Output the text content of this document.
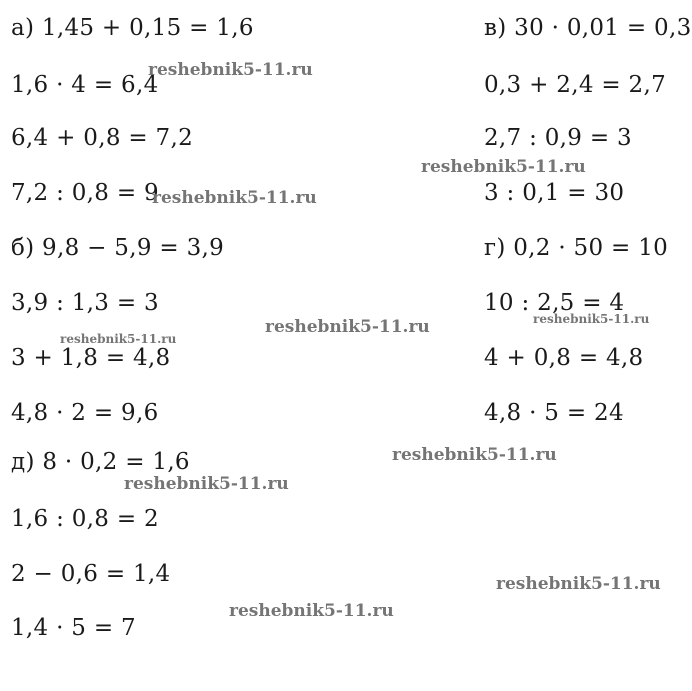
а) 1,45 + 0,15 = 1,6
1,6 · 4 = 6,4
6,4 + 0,8 = 7,2
7,2 : 0,8 = 9
б) 9,8 − 5,9 = 3,9
3,9 : 1,3 = 3
3 + 1,8 = 4,8
4,8 · 2 = 9,6
д) 8 · 0,2 = 1,6
1,6 : 0,8 = 2
2 − 0,6 = 1,4
1,4 · 5 = 7
в) 30 · 0,01 = 0,3
0,3 + 2,4 = 2,7
2,7 : 0,9 = 3
3 : 0,1 = 30
г) 0,2 · 50 = 10
10 : 2,5 = 4
4 + 0,8 = 4,8
4,8 · 5 = 24
reshebnik5-11.ru
reshebnik5-11.ru
reshebnik5-11.ru
reshebnik5-11.ru
reshebnik5-11.ru
reshebnik5-11.ru
reshebnik5-11.ru
reshebnik5-11.ru
reshebnik5-11.ru
reshebnik5-11.ru
